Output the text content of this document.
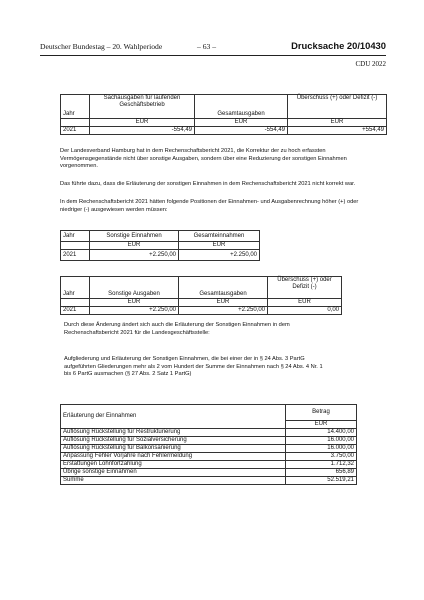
Deutscher Bundestag – 20. Wahlperiode	– 63 –	Drucksache 20/10430
CDU 2022
Jahr	Sachausgaben für laufenden Geschäftsbetrieb	Gesamtausgaben	Überschuss (+) oder Defizit (-)
	EUR	EUR	EUR
2021	-554,49	-554,49	+554,49
Der Landesverband Hamburg hat in dem Rechenschaftsbericht 2021, die Korrektur der zu hoch erfassten Vermögensgegenstände nicht über sonstige Ausgaben, sondern über eine Reduzierung der sonstigen Einnahmen vorgenommen.
Das führte dazu, dass die Erläuterung der sonstigen Einnahmen in dem Rechenschaftsbericht 2021 nicht korrekt war.
In dem Rechenschaftsbericht 2021 hätten folgende Positionen der Einnahmen- und Ausgabenrechnung höher (+) oder niedriger (-) ausgewiesen werden müssen:
Jahr	Sonstige Einnahmen	Gesamteinnahmen
	EUR	EUR
2021	+2.250,00	+2.250,00
Jahr	Sonstige Ausgaben	Gesamtausgaben	Überschuss (+) oder Defizit (-)
	EUR	EUR	EUR
2021	+2.250,00	+2.250,00	0,00
Durch diese Änderung ändert sich auch die Erläuterung der Sonstigen Einnahmen in dem Rechenschaftsbericht 2021 für die Landesgeschäftsstelle:
Aufgliederung und Erläuterung der Sonstigen Einnahmen, die bei einer der in § 24 Abs. 3 PartG aufgeführten Gliederungen mehr als 2 vom Hundert der Summe der Einnahmen nach § 24 Abs. 4 Nr. 1 bis 6 PartG ausmachen (§ 27 Abs. 2 Satz 1 PartG)
Erläuterung der Einnahmen	Betrag
	EUR
Auflösung Rückstellung für Restrukturierung	14.400,00
Auflösung Rückstellung für Sozialversicherung	16.000,00
Auflösung Rückstellung für Balkonsanierung	16.000,00
Anpassung Fehler Vorjahre nach Fehlermeldung	3.750,00
Erstattungen Lohnfortzahlung	1.712,32
Übrige sonstige Einnahmen	656,89
Summe	52.519,21
